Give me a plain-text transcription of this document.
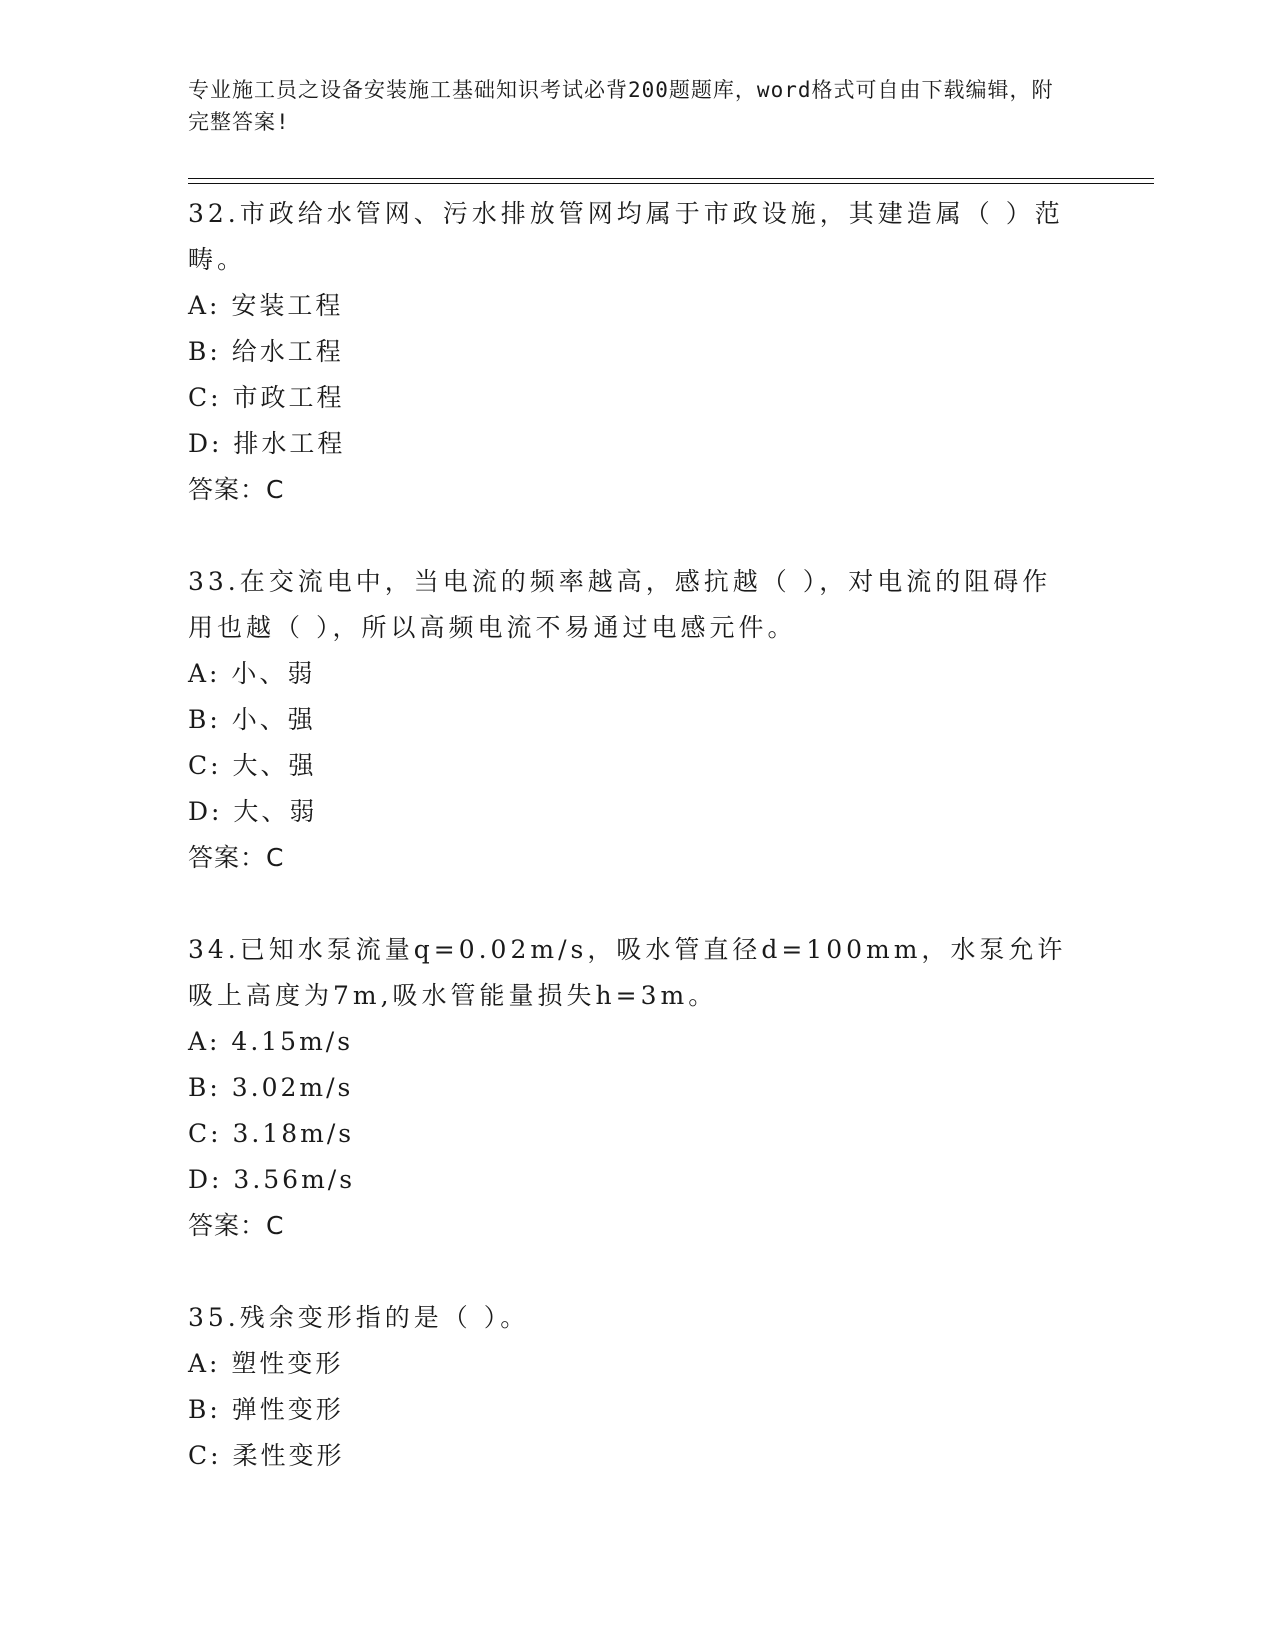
专业施工员之设备安装施工基础知识考试必背200题题库，word格式可自由下载编辑，附完整答案!

32.市政给水管网、污水排放管网均属于市政设施，其建造属（ ）范畴。

A: 安装工程

B: 给水工程

C: 市政工程

D: 排水工程

答案：C

33.在交流电中，当电流的频率越高，感抗越（ ），对电流的阻碍作用也越（ ），所以高频电流不易通过电感元件。

A: 小、弱

B: 小、强

C: 大、强

D: 大、弱

答案：C

34.已知水泵流量q=0.02m/s，吸水管直径d=100mm，水泵允许吸上高度为7m,吸水管能量损失h=3m。

A: 4.15m/s

B: 3.02m/s

C: 3.18m/s

D: 3.56m/s

答案：C

35.残余变形指的是（ ）。

A: 塑性变形

B: 弹性变形

C: 柔性变形
